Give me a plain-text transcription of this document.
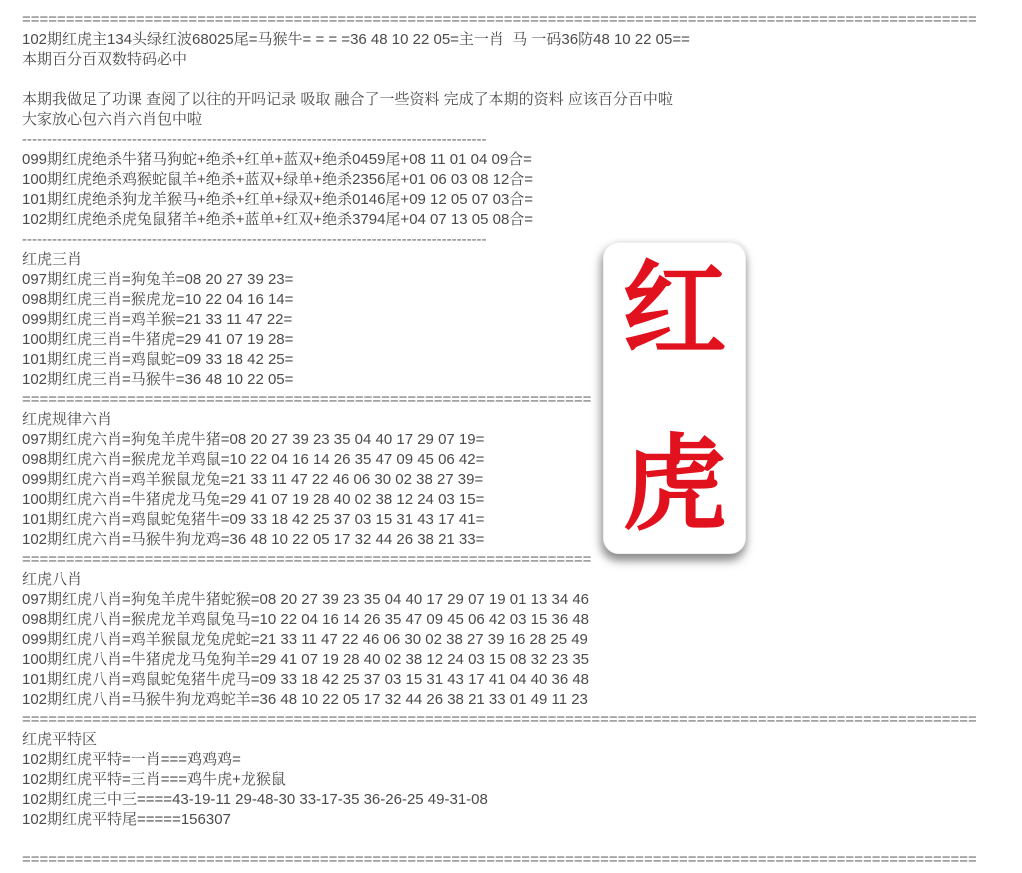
=============================================================================================================
102期红虎主134头绿红波68025尾=马猴牛= = = =36 48 10 22 05=主一肖  马 一码36防48 10 22 05==
本期百分百双数特码必中
本期我做足了功课 查阅了以往的开吗记录 吸取 融合了一些资料 完成了本期的资料 应该百分百中啦
大家放心包六肖六肖包中啦
---------------------------------------------------------------------------------------------
099期红虎绝杀牛猪马狗蛇+绝杀+红单+蓝双+绝杀0459尾+08 11 01 04 09合=
100期红虎绝杀鸡猴蛇鼠羊+绝杀+蓝双+绿单+绝杀2356尾+01 06 03 08 12合=
101期红虎绝杀狗龙羊猴马+绝杀+红单+绿双+绝杀0146尾+09 12 05 07 03合=
102期红虎绝杀虎兔鼠猪羊+绝杀+蓝单+红双+绝杀3794尾+04 07 13 05 08合=
---------------------------------------------------------------------------------------------
红虎三肖
097期红虎三肖=狗兔羊=08 20 27 39 23=
098期红虎三肖=猴虎龙=10 22 04 16 14=
099期红虎三肖=鸡羊猴=21 33 11 47 22=
100期红虎三肖=牛猪虎=29 41 07 19 28=
101期红虎三肖=鸡鼠蛇=09 33 18 42 25=
102期红虎三肖=马猴牛=36 48 10 22 05=
=================================================================
红虎规律六肖
097期红虎六肖=狗兔羊虎牛猪=08 20 27 39 23 35 04 40 17 29 07 19=
098期红虎六肖=猴虎龙羊鸡鼠=10 22 04 16 14 26 35 47 09 45 06 42=
099期红虎六肖=鸡羊猴鼠龙兔=21 33 11 47 22 46 06 30 02 38 27 39=
100期红虎六肖=牛猪虎龙马兔=29 41 07 19 28 40 02 38 12 24 03 15=
101期红虎六肖=鸡鼠蛇兔猪牛=09 33 18 42 25 37 03 15 31 43 17 41=
102期红虎六肖=马猴牛狗龙鸡=36 48 10 22 05 17 32 44 26 38 21 33=
=================================================================
红虎八肖
097期红虎八肖=狗兔羊虎牛猪蛇猴=08 20 27 39 23 35 04 40 17 29 07 19 01 13 34 46
098期红虎八肖=猴虎龙羊鸡鼠兔马=10 22 04 16 14 26 35 47 09 45 06 42 03 15 36 48
099期红虎八肖=鸡羊猴鼠龙兔虎蛇=21 33 11 47 22 46 06 30 02 38 27 39 16 28 25 49
100期红虎八肖=牛猪虎龙马兔狗羊=29 41 07 19 28 40 02 38 12 24 03 15 08 32 23 35
101期红虎八肖=鸡鼠蛇兔猪牛虎马=09 33 18 42 25 37 03 15 31 43 17 41 04 40 36 48
102期红虎八肖=马猴牛狗龙鸡蛇羊=36 48 10 22 05 17 32 44 26 38 21 33 01 49 11 23
=============================================================================================================
红虎平特区
102期红虎平特=一肖===鸡鸡鸡=
102期红虎平特=三肖===鸡牛虎+龙猴鼠
102期红虎三中三====43-19-11 29-48-30 33-17-35 36-26-25 49-31-08
102期红虎平特尾=====156307
=============================================================================================================
红
虎
